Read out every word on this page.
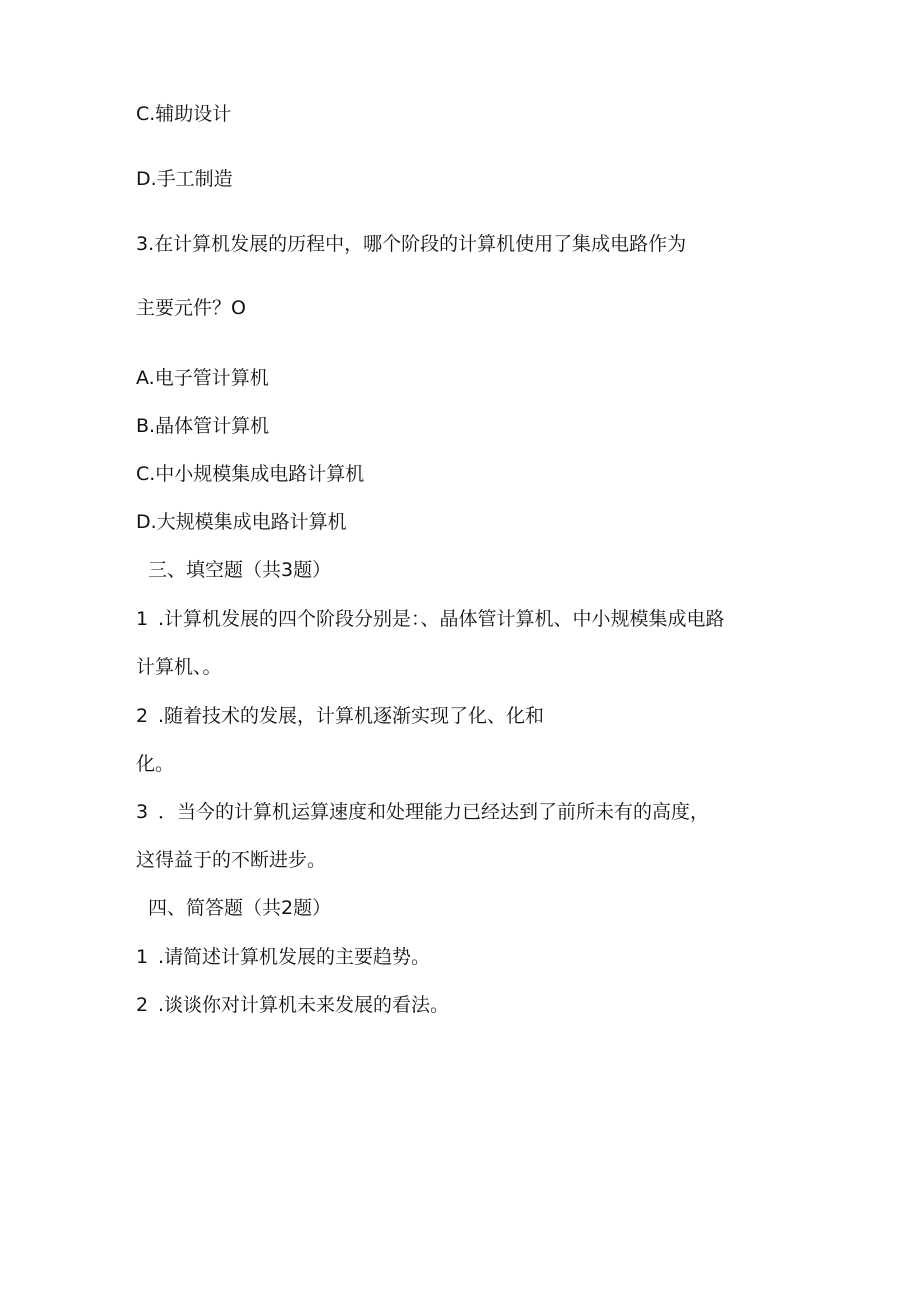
C.辅助设计
D.手工制造
3.在计算机发展的历程中，哪个阶段的计算机使用了集成电路作为
主要元件？O
A.电子管计算机
B.晶体管计算机
C.中小规模集成电路计算机
D.大规模集成电路计算机
三、填空题（共3题）
1 .计算机发展的四个阶段分别是：、晶体管计算机、中小规模集成电路
计算机、。
2 .随着技术的发展，计算机逐渐实现了化、化和
化。
3 ．当今的计算机运算速度和处理能力已经达到了前所未有的高度，
这得益于的不断进步。
四、简答题（共2题）
1 .请简述计算机发展的主要趋势。
2 .谈谈你对计算机未来发展的看法。
